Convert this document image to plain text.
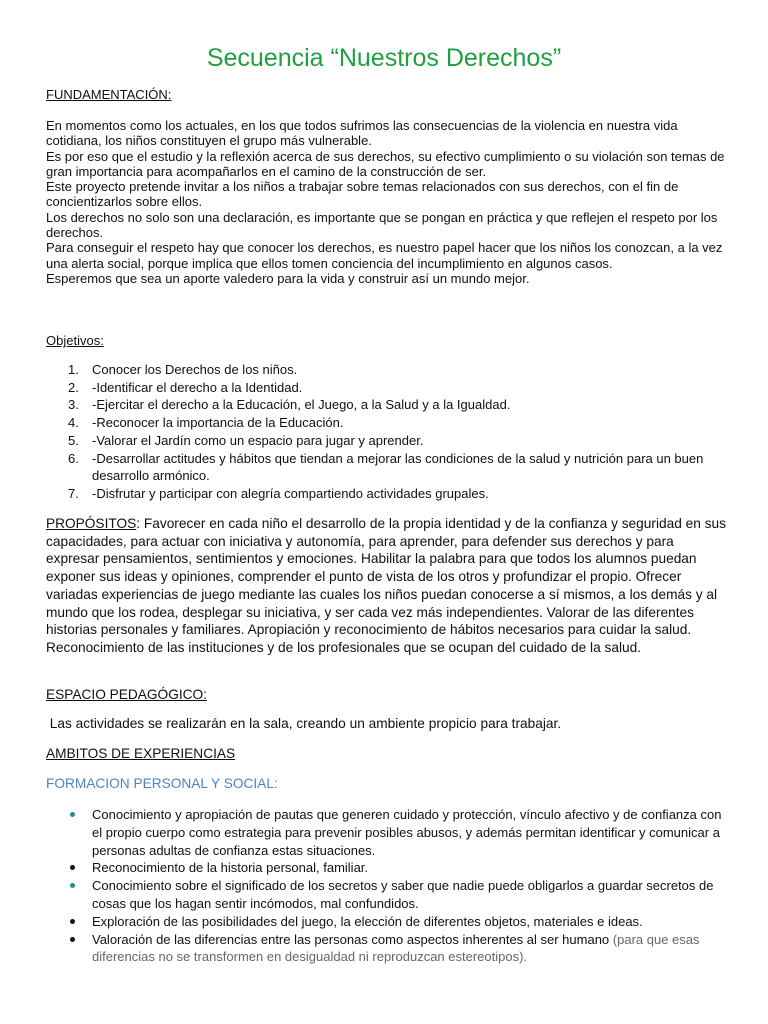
Secuencia “Nuestros Derechos”
FUNDAMENTACIÓN:

En momentos como los actuales, en los que todos sufrimos las consecuencias de la violencia en nuestra vida cotidiana, los niños constituyen el grupo más vulnerable.

Es por eso que el estudio y la reflexión acerca de sus derechos, su efectivo cumplimiento o su violación son temas de gran importancia para acompañarlos en el camino de la construcción de ser.

Este proyecto pretende invitar a los niños a trabajar sobre temas relacionados con sus derechos, con el fin de concientizarlos sobre ellos.

Los derechos no solo son una declaración, es importante que se pongan en práctica y que reflejen el respeto por los derechos.

Para conseguir el respeto hay que conocer los derechos, es nuestro papel hacer que los niños los conozcan, a la vez una alerta social, porque implica que ellos tomen conciencia del incumplimiento en algunos casos.

Esperemos que sea un aporte valedero para la vida y construir así un mundo mejor.

Objetivos:
1. Conocer los Derechos de los niños.
2. -Identificar el derecho a la Identidad.
3. -Ejercitar el derecho a la Educación, el Juego, a la Salud y a la Igualdad.
4. -Reconocer la importancia de la Educación.
5. -Valorar el Jardín como un espacio para jugar y aprender.
6. -Desarrollar actitudes y hábitos que tiendan a mejorar las condiciones de la salud y nutrición para un buen desarrollo armónico.
7. -Disfrutar y participar con alegría compartiendo actividades grupales.

PROPÓSITOS: Favorecer en cada niño el desarrollo de la propia identidad y de la confianza y seguridad en sus capacidades, para actuar con iniciativa y autonomía, para aprender, para defender sus derechos y para expresar pensamientos, sentimientos y emociones. Habilitar la palabra para que todos los alumnos puedan exponer sus ideas y opiniones, comprender el punto de vista de los otros y profundizar el propio. Ofrecer variadas experiencias de juego mediante las cuales los niños puedan conocerse a sí mismos, a los demás y al mundo que los rodea, desplegar su iniciativa, y ser cada vez más independientes. Valorar de las diferentes historias personales y familiares. Apropiación y reconocimiento de hábitos necesarios para cuidar la salud. Reconocimiento de las instituciones y de los profesionales que se ocupan del cuidado de la salud.

ESPACIO PEDAGÓGICO:

Las actividades se realizarán en la sala, creando un ambiente propicio para trabajar.

AMBITOS DE EXPERIENCIAS
FORMACION PERSONAL Y SOCIAL:
Conocimiento y apropiación de pautas que generen cuidado y protección, vínculo afectivo y de confianza con el propio cuerpo como estrategia para prevenir posibles abusos, y además permitan identificar y comunicar a personas adultas de confianza estas situaciones.
Reconocimiento de la historia personal, familiar.
Conocimiento sobre el significado de los secretos y saber que nadie puede obligarlos a guardar secretos de cosas que los hagan sentir incómodos, mal confundidos.
Exploración de las posibilidades del juego, la elección de diferentes objetos, materiales e ideas.
Valoración de las diferencias entre las personas como aspectos inherentes al ser humano (para que esas diferencias no se transformen en desigualdad ni reproduzcan estereotipos).
